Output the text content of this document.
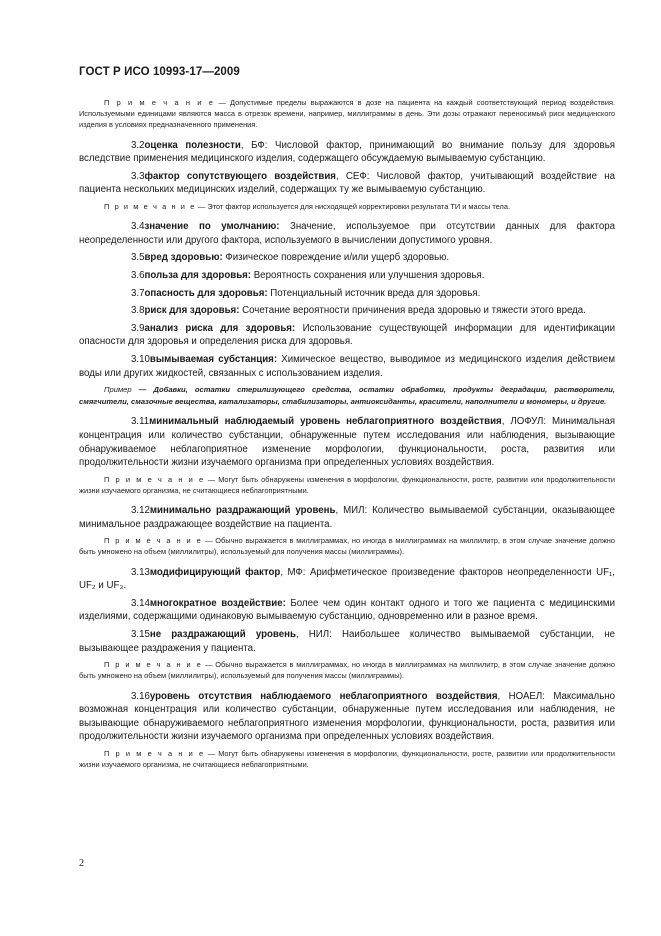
ГОСТ Р ИСО 10993-17—2009

П р и м е ч а н и е — Допустимые пределы выражаются в дозе на пациента на каждый соответствующий период воздействия. Используемыми единицами являются масса в отрезок времени, например, миллиграммы в день. Эти дозы отражают переносимый риск медицинского изделия в условиях предназначенного применения.

3.2оценка полезности, БФ: Числовой фактор, принимающий во внимание пользу для здоровья вследствие применения медицинского изделия, содержащего обсуждаемую вымываемую субстанцию.

3.3фактор сопутствующего воздействия, СЕФ: Числовой фактор, учитывающий воздействие на пациента нескольких медицинских изделий, содержащих ту же вымываемую субстанцию.

П р и м е ч а н и е — Этот фактор используется для нисходящей корректировки результата ТИ и массы тела.

3.4значение по умолчанию: Значение, используемое при отсутствии данных для фактора неопределенности или другого фактора, используемого в вычислении допустимого уровня.

3.5вред здоровью: Физическое повреждение и/или ущерб здоровью.

3.6польза для здоровья: Вероятность сохранения или улучшения здоровья.

3.7опасность для здоровья: Потенциальный источник вреда для здоровья.

3.8риск для здоровья: Сочетание вероятности причинения вреда здоровью и тяжести этого вреда.

3.9анализ риска для здоровья: Использование существующей информации для идентификации опасности для здоровья и определения риска для здоровья.

3.10вымываемая субстанция: Химическое вещество, выводимое из медицинского изделия действием воды или других жидкостей, связанных с использованием изделия.

Пример — Добавки, остатки стерилизующего средства, остатки обработки, продукты деградации, растворители, смягчители, смазочные вещества, катализаторы, стабилизаторы, антиоксиданты, красители, наполнители и мономеры, и другие.

3.11минимальный наблюдаемый уровень неблагоприятного воздействия, ЛОФУЛ: Минимальная концентрация или количество субстанции, обнаруженные путем исследования или наблюдения, вызывающие обнаруживаемое неблагоприятное изменение морфологии, функциональности, роста, развития или продолжительности жизни изучаемого организма при определенных условиях воздействия.

П р и м е ч а н и е — Могут быть обнаружены изменения в морфологии, функциональности, росте, развитии или продолжительности жизни изучаемого организма, не считающиеся неблагоприятными.

3.12минимально раздражающий уровень, МИЛ: Количество вымываемой субстанции, оказывающее минимальное раздражающее воздействие на пациента.

П р и м е ч а н и е — Обычно выражается в миллиграммах, но иногда в миллиграммах на миллилитр, в этом случае значение должно быть умножено на объем (миллилитры), используемый для получения массы (миллиграммы).

3.13модифицирующий фактор, МФ: Арифметическое произведение факторов неопределенности UF₁, UF₂ и UF₃.

3.14многократное воздействие: Более чем один контакт одного и того же пациента с медицинскими изделиями, содержащими одинаковую вымываемую субстанцию, одновременно или в разное время.

3.15не раздражающий уровень, НИЛ: Наибольшее количество вымываемой субстанции, не вызывающее раздражения у пациента.

П р и м е ч а н и е — Обычно выражается в миллиграммах, но иногда в миллиграммах на миллилитр, в этом случае значение должно быть умножено на объем (миллилитры), используемый для получения массы (миллиграммы).

3.16уровень отсутствия наблюдаемого неблагоприятного воздействия, НОАЕЛ: Максимально возможная концентрация или количество субстанции, обнаруженные путем исследования или наблюдения, не вызывающие обнаруживаемого неблагоприятного изменения морфологии, функциональности, роста, развития или продолжительности жизни изучаемого организма при определенных условиях воздействия.

П р и м е ч а н и е — Могут быть обнаружены изменения в морфологии, функциональности, росте, развитии или продолжительности жизни изучаемого организма, не считающиеся неблагоприятными.

2
